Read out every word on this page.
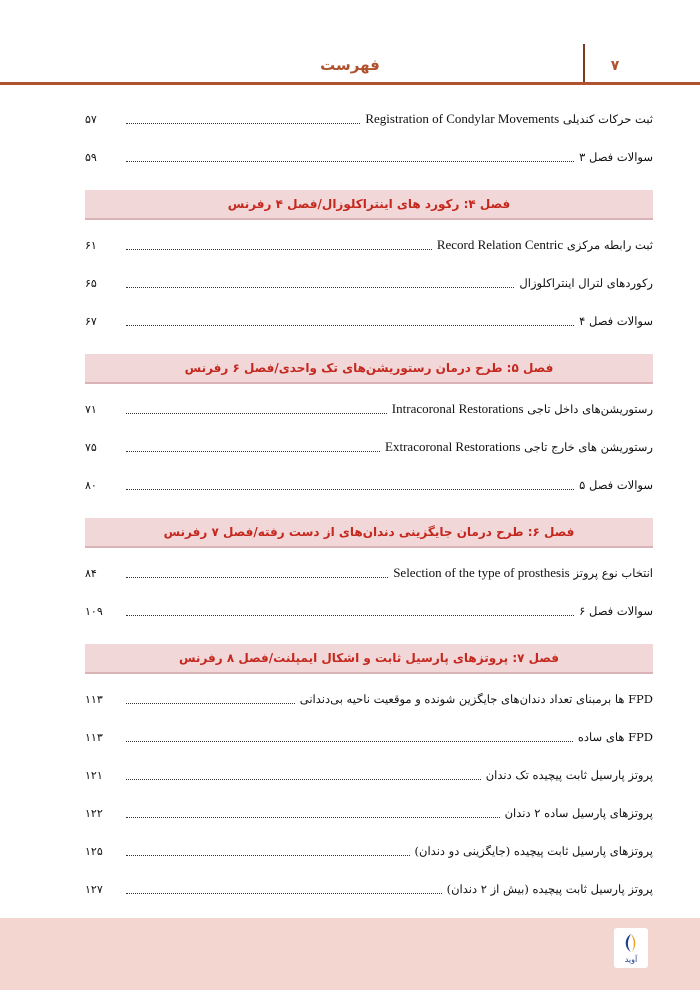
فهرست	۷
۵۷	ثبت حرکات کندیلی Registration of Condylar Movements
۵۹	سوالات فصل ۳
فصل ۴: رکورد های اینتراکلوزال/فصل ۴ رفرنس
۶۱	ثبت رابطه مرکزی Record Relation Centric
۶۵	رکوردهای لترال اینتراکلوزال
۶۷	سوالات فصل ۴
فصل ۵: طرح درمان رستوریشن‌های تک واحدی/فصل ۶ رفرنس
۷۱	رستوریشن‌های داخل تاجی Intracoronal Restorations
۷۵	رستوریشن های خارج تاجی Extracoronal Restorations
۸۰	سوالات فصل ۵
فصل ۶: طرح درمان جایگزینی دندان‌های از دست رفته/فصل ۷ رفرنس
۸۴	انتخاب نوع پروتز Selection of the type of prosthesis
۱۰۹	سوالات فصل ۶
فصل ۷: پروتزهای پارسیل ثابت و اشکال ایمپلنت/فصل ۸ رفرنس
۱۱۳	FPD ها برمبنای تعداد دندان‌های جایگزین شونده و موقعیت ناحیه بی‌دندانی
۱۱۳	FPD های ساده
۱۲۱	پروتز پارسیل ثابت پیچیده تک دندان
۱۲۲	پروتزهای پارسیل ساده ۲ دندان
۱۲۵	پروتزهای پارسیل ثابت پیچیده (جایگزینی دو دندان)
۱۲۷	پروتز پارسیل ثابت پیچیده (بیش از ۲ دندان)
آوید
